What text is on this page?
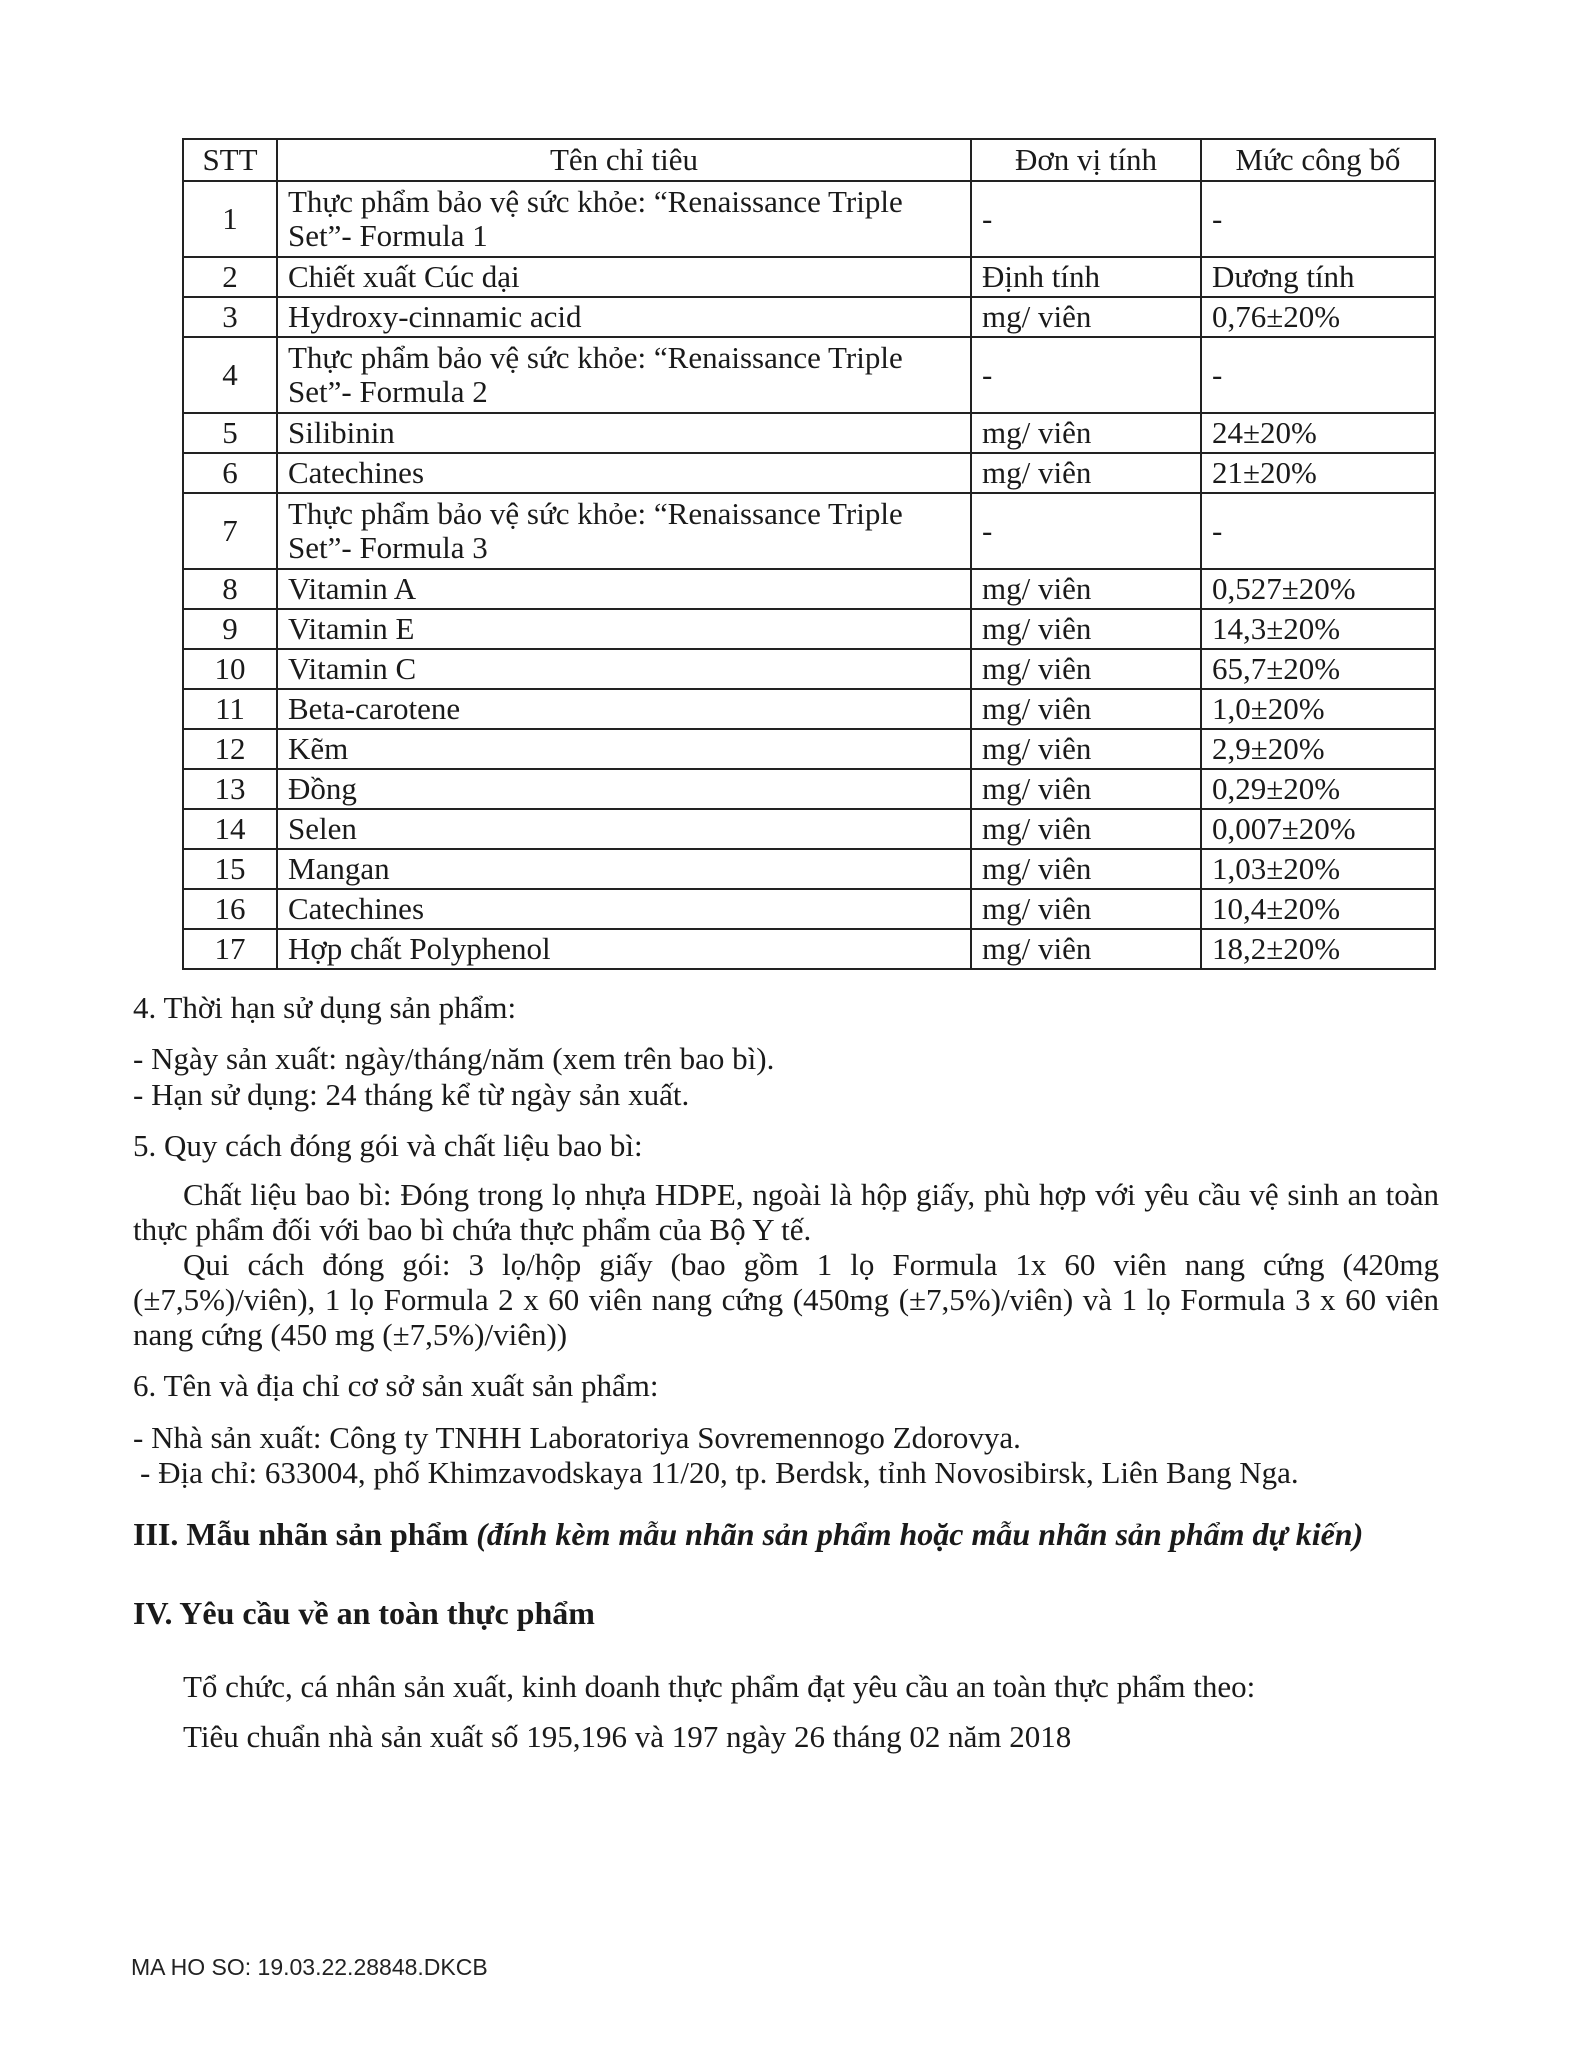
STT	Tên chỉ tiêu	Đơn vị tính	Mức công bố
1	Thực phẩm bảo vệ sức khỏe: “Renaissance Triple
Set”- Formula 1	-	-
2	Chiết xuất Cúc dại	Định tính	Dương tính
3	Hydroxy-cinnamic acid	mg/ viên	0,76±20%
4	Thực phẩm bảo vệ sức khỏe: “Renaissance Triple
Set”- Formula 2	-	-
5	Silibinin	mg/ viên	24±20%
6	Catechines	mg/ viên	21±20%
7	Thực phẩm bảo vệ sức khỏe: “Renaissance Triple
Set”- Formula 3	-	-
8	Vitamin A	mg/ viên	0,527±20%
9	Vitamin E	mg/ viên	14,3±20%
10	Vitamin C	mg/ viên	65,7±20%
11	Beta-carotene	mg/ viên	1,0±20%
12	Kẽm	mg/ viên	2,9±20%
13	Đồng	mg/ viên	0,29±20%
14	Selen	mg/ viên	0,007±20%
15	Mangan	mg/ viên	1,03±20%
16	Catechines	mg/ viên	10,4±20%
17	Hợp chất Polyphenol	mg/ viên	18,2±20%

4. Thời hạn sử dụng sản phẩm:

- Ngày sản xuất: ngày/tháng/năm (xem trên bao bì).

- Hạn sử dụng: 24 tháng kể từ ngày sản xuất.

5. Quy cách đóng gói và chất liệu bao bì:

Chất liệu bao bì: Đóng trong lọ nhựa HDPE, ngoài là hộp giấy, phù hợp với yêu cầu vệ sinh an toàn thực phẩm đối với bao bì chứa thực phẩm của Bộ Y tế.

Qui cách đóng gói: 3 lọ/hộp giấy (bao gồm 1 lọ Formula 1x 60 viên nang cứng (420mg (±7,5%)/viên), 1 lọ Formula 2 x 60 viên nang cứng (450mg (±7,5%)/viên) và 1 lọ Formula 3 x 60 viên nang cứng (450 mg (±7,5%)/viên))

6. Tên và địa chỉ cơ sở sản xuất sản phẩm:

- Nhà sản xuất: Công ty TNHH Laboratoriya Sovremennogo Zdorovya.

- Địa chỉ: 633004, phố Khimzavodskaya 11/20, tp. Berdsk, tỉnh Novosibirsk, Liên Bang Nga.

III. Mẫu nhãn sản phẩm (đính kèm mẫu nhãn sản phẩm hoặc mẫu nhãn sản phẩm dự kiến)

IV. Yêu cầu về an toàn thực phẩm

Tổ chức, cá nhân sản xuất, kinh doanh thực phẩm đạt yêu cầu an toàn thực phẩm theo:

Tiêu chuẩn nhà sản xuất số 195,196 và 197 ngày 26 tháng 02 năm 2018

MA HO SO: 19.03.22.28848.DKCB
